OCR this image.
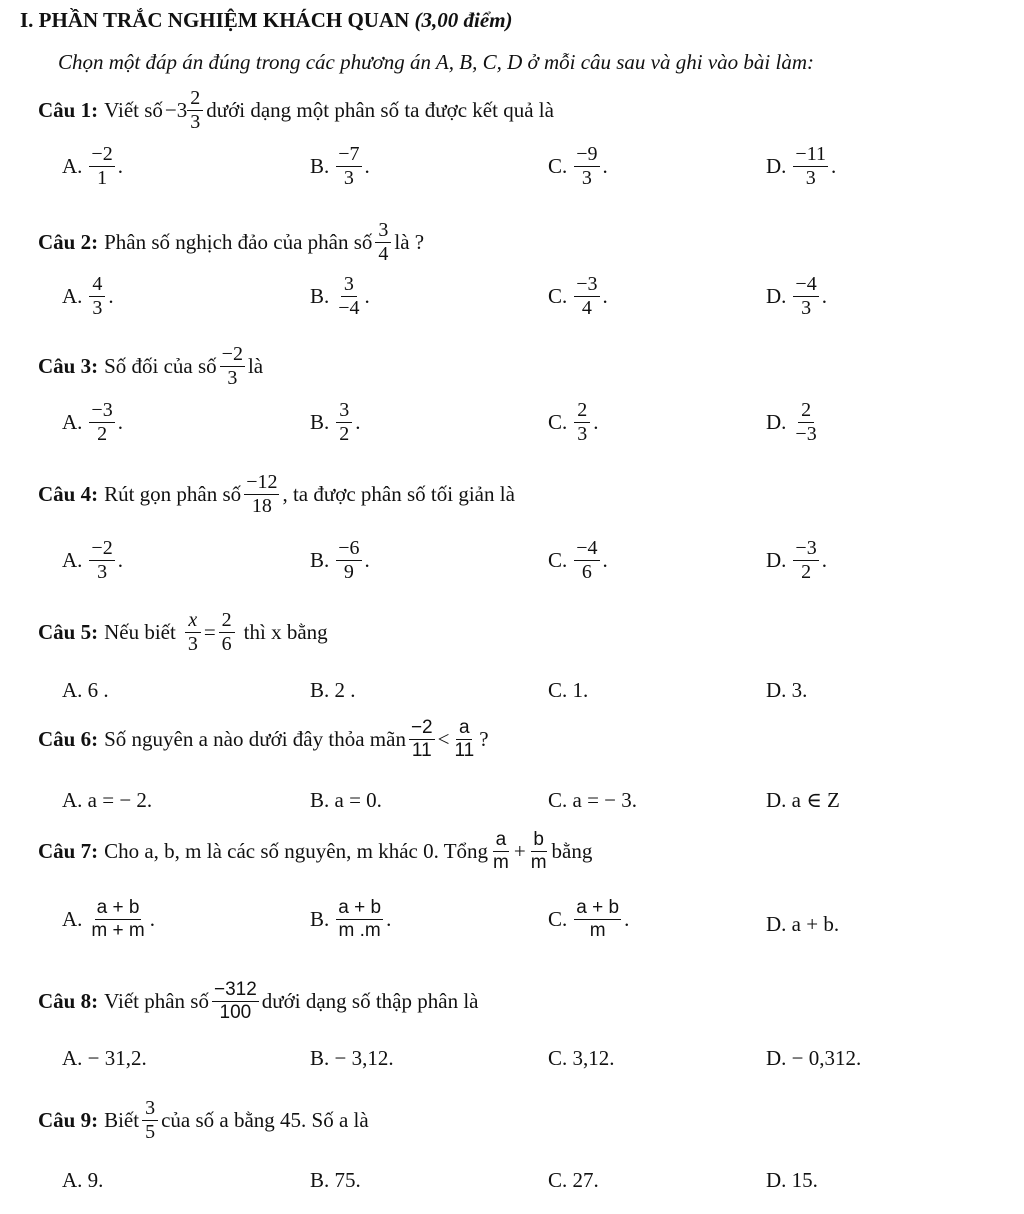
I. PHẦN TRẮC NGHIỆM KHÁCH QUAN (3,00 điểm)
Chọn một đáp án đúng trong các phương án A, B, C, D ở mỗi câu sau và ghi vào bài làm:
Câu 1: Viết số $-3 \frac{2}{3}$ dưới dạng một phân số ta được kết quả là
A. $\frac{-2}{1}$ .	B. $\frac{-7}{3}$ .	C. $\frac{-9}{3}$ .	D. $\frac{-11}{3}$ .
Câu 2: Phân số nghịch đảo của phân số $\frac{3}{4}$ là ?
A. $\frac{4}{3}$ .	B. $\frac{3}{-4}$ .	C. $\frac{-3}{4}$ .	D. $\frac{-4}{3}$ .
Câu 3: Số đối của số $\frac{-2}{3}$ là
A. $\frac{-3}{2}$ .	B. $\frac{3}{2}$ .	C. $\frac{2}{3}$ .	D. $\frac{2}{-3}$
Câu 4: Rút gọn phân số $\frac{-12}{18}$ , ta được phân số tối giản là
A. $\frac{-2}{3}$ .	B. $\frac{-6}{9}$ .	C. $\frac{-4}{6}$ .	D. $\frac{-3}{2}$ .
Câu 5: Nếu biết $\frac{x}{3} = \frac{2}{6}$ thì x bằng
A. 6 .	B. 2 .	C. 1.	D. 3.
Câu 6: Số nguyên a nào dưới đây thỏa mãn $\frac{-2}{11} < \frac{a}{11}$ ?
A. a = − 2.	B. a = 0.	C. a = − 3.	D. a ∈ Z
Câu 7: Cho a, b, m là các số nguyên, m khác 0. Tổng $\frac{a}{m} + \frac{b}{m}$ bằng
A. $\frac{a + b}{m + m}$ .	B. $\frac{a + b}{m .m}$ .	C. $\frac{a + b}{m}$ .	D. a + b.
Câu 8: Viết phân số $\frac{-312}{100}$ dưới dạng số thập phân là
A. − 31,2.	B. − 3,12.	C. 3,12.	D. − 0,312.
Câu 9: Biết $\frac{3}{5}$ của số a bằng 45. Số a là
A. 9.	B. 75.	C. 27.	D. 15.
